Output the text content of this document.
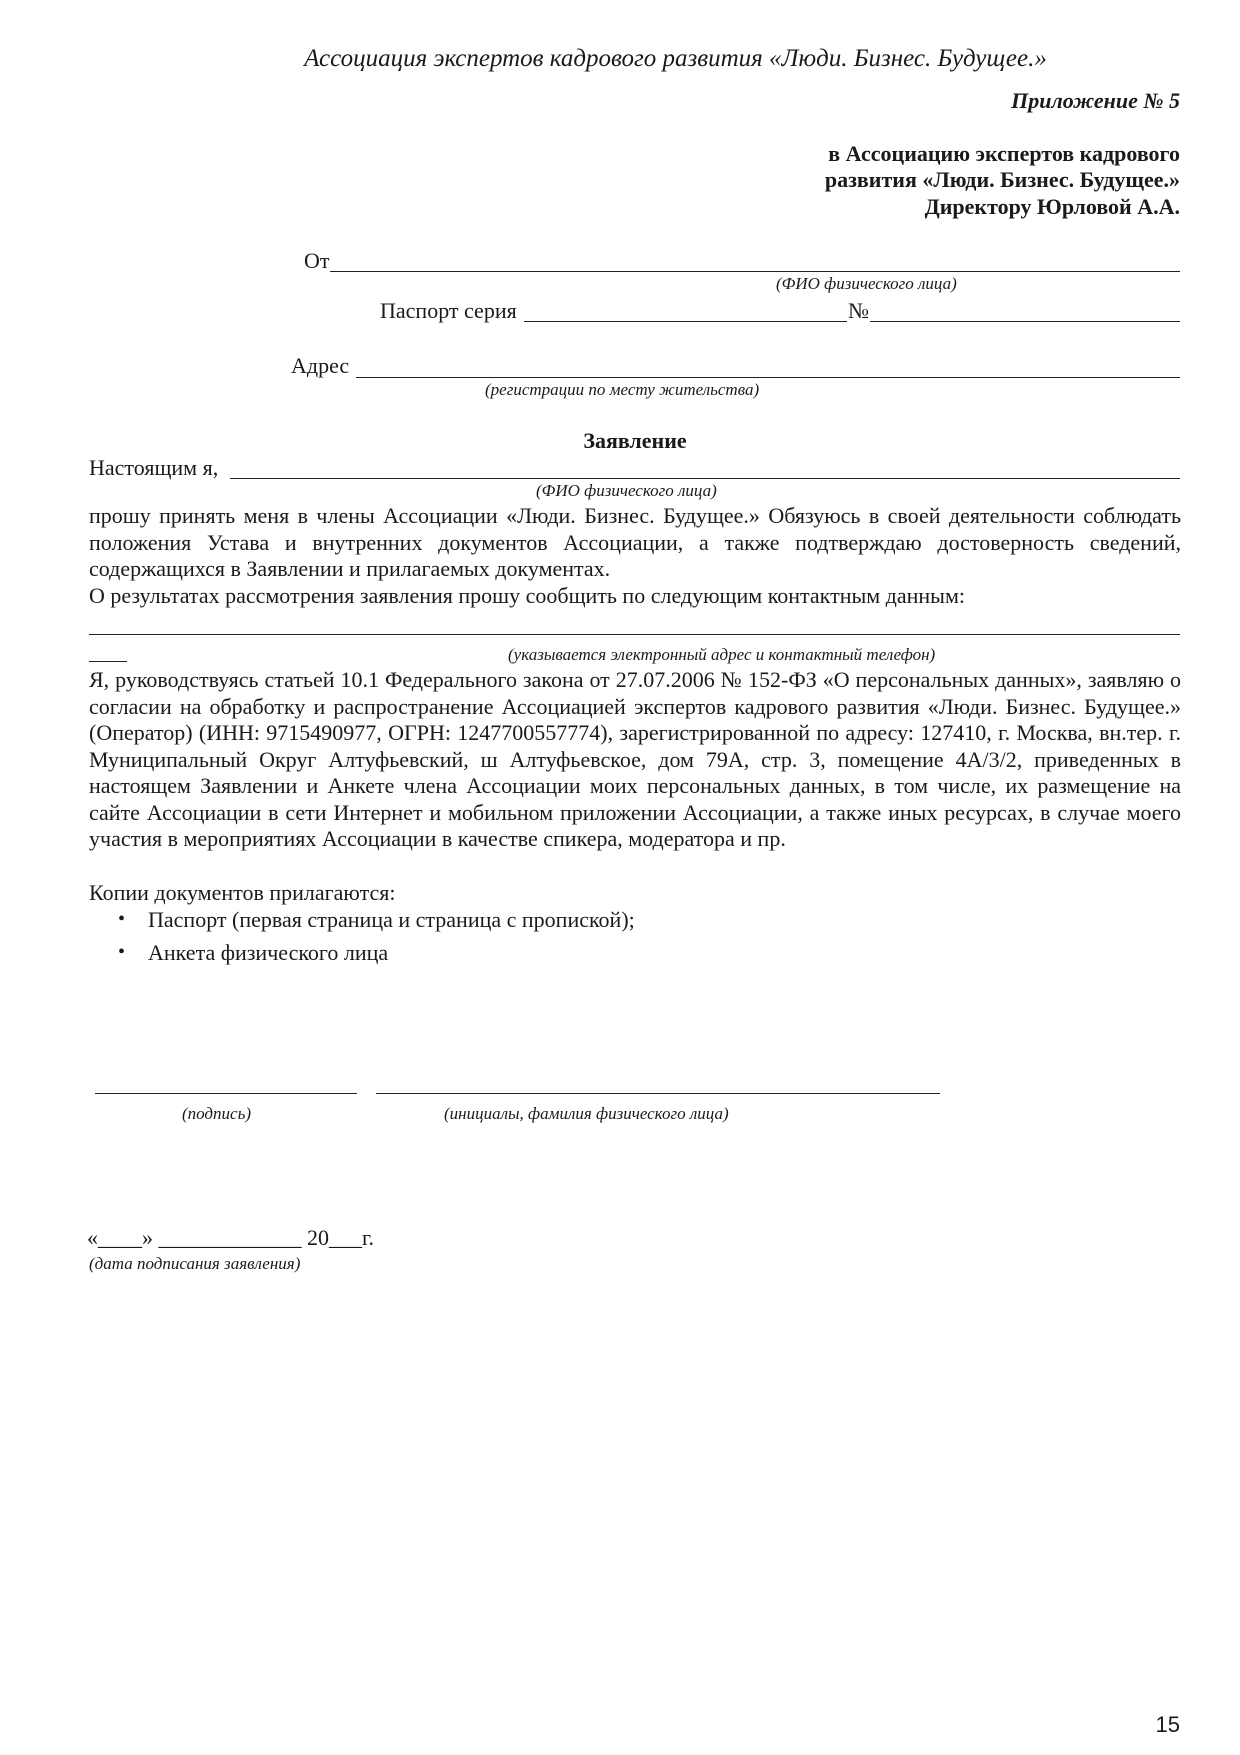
Ассоциация экспертов кадрового развития «Люди. Бизнес. Будущее.»
Приложение № 5
в Ассоциацию экспертов кадрового
развития «Люди. Бизнес. Будущее.»
Директору Юрловой А.А.
От
(ФИО физического лица)
Паспорт серия	№
Адрес
(регистрации по месту жительства)
Заявление
Настоящим я,
(ФИО физического лица)

прошу принять меня в члены Ассоциации «Люди. Бизнес. Будущее.» Обязуюсь в своей деятельности соблюдать положения Устава и внутренних документов Ассоциации, а также подтверждаю достоверность сведений, содержащихся в Заявлении и прилагаемых документах.

О результатах рассмотрения заявления прошу сообщить по следующим контактным данным:
(указывается электронный адрес и контактный телефон)

Я, руководствуясь статьей 10.1 Федерального закона от 27.07.2006 № 152-ФЗ «О персональных данных», заявляю о согласии на обработку и распространение Ассоциацией экспертов кадрового развития «Люди. Бизнес. Будущее.» (Оператор) (ИНН: 9715490977, ОГРН: 1247700557774), зарегистрированной по адресу: 127410, г. Москва, вн.тер. г. Муниципальный Округ Алтуфьевский, ш Алтуфьевское, дом 79А, стр. 3, помещение 4А/3/2, приведенных в настоящем Заявлении и Анкете члена Ассоциации моих персональных данных, в том числе, их размещение на сайте Ассоциации в сети Интернет и мобильном приложении Ассоциации, а также иных ресурсах, в случае моего участия в мероприятиях Ассоциации в качестве спикера, модератора и пр.

Копии документов прилагаются:
• Паспорт (первая страница и страница с пропиской);
• Анкета физического лица
(подпись)	(инициалы, фамилия физического лица)
«____» _____________ 20___г.
(дата подписания заявления)
15
